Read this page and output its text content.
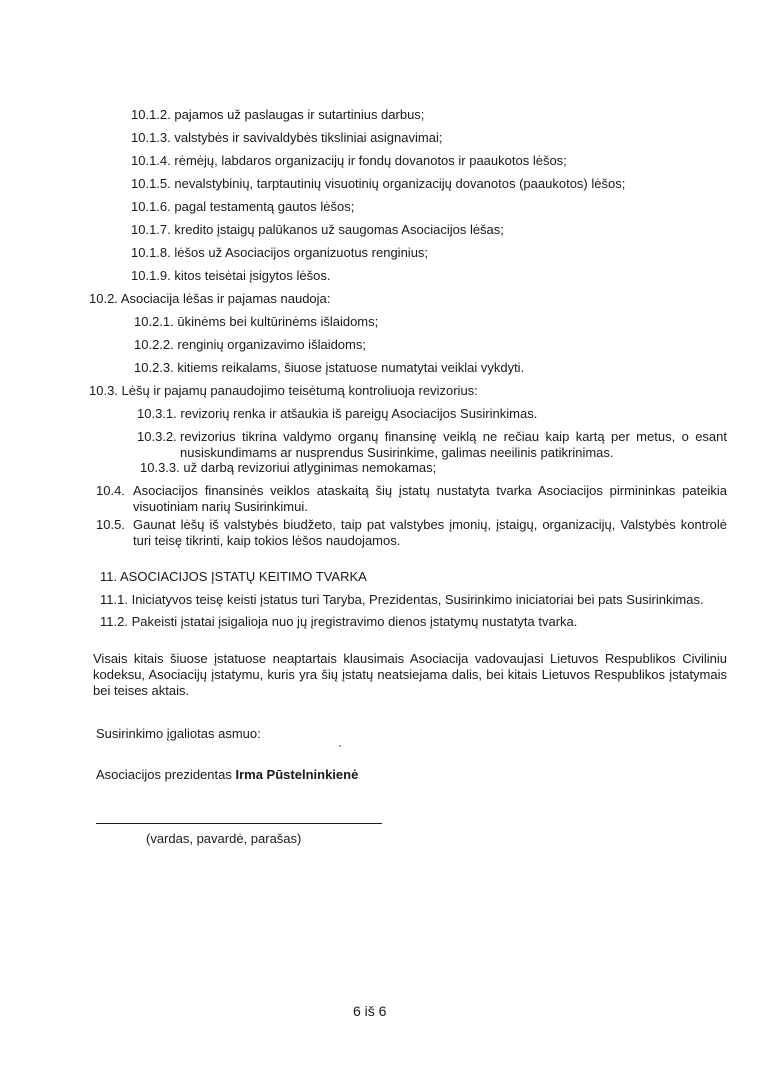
10.1.2. pajamos už paslaugas ir sutartinius darbus;
10.1.3. valstybės ir savivaldybės tiksliniai asignavimai;
10.1.4. rėmėjų, labdaros organizacijų ir fondų dovanotos ir paaukotos lėšos;
10.1.5. nevalstybinių, tarptautinių visuotinių organizacijų dovanotos (paaukotos) lėšos;
10.1.6. pagal testamentą gautos lėšos;
10.1.7. kredito įstaigų palūkanos už saugomas Asociacijos lėšas;
10.1.8. lėšos už Asociacijos organizuotus renginius;
10.1.9. kitos teisėtai įsigytos lėšos.
10.2. Asociacija lėšas ir pajamas naudoja:
10.2.1. ūkinėms bei kultūrinėms išlaidoms;
10.2.2. renginių organizavimo išlaidoms;
10.2.3. kitiems reikalams, šiuose įstatuose numatytai veiklai vykdyti.
10.3. Lėšų ir pajamų panaudojimo teisėtumą kontroliuoja revizorius:
10.3.1. revizorių renka ir atšaukia iš pareigų Asociacijos Susirinkimas.
10.3.2. revizorius tikrina valdymo organų finansinę veiklą ne rečiau kaip kartą per metus, o esant nusiskundimams ar nusprendus Susirinkime, galimas neeilinis patikrinimas.
10.3.3. už darbą revizoriui atlyginimas nemokamas;
10.4. Asociacijos finansinės veiklos ataskaitą šių įstatų nustatyta tvarka Asociacijos pirmininkas pateikia visuotiniam narių Susirinkimui.
10.5. Gaunat lėšų iš valstybės biudžeto, taip pat valstybes įmonių, įstaigų, organizacijų, Valstybės kontrolė turi teisę tikrinti, kaip tokios lėšos naudojamos.
11. ASOCIACIJOS ĮSTATŲ KEITIMO TVARKA
11.1. Iniciatyvos teisę keisti įstatus turi Taryba, Prezidentas, Susirinkimo iniciatoriai bei pats Susirinkimas.
11.2. Pakeisti įstatai įsigalioja nuo jų įregistravimo dienos įstatymų nustatyta tvarka.
Visais kitais šiuose įstatuose neaptartais klausimais Asociacija vadovaujasi Lietuvos Respublikos Civiliniu kodeksu, Asociacijų įstatymu, kuris yra šių įstatų neatsiejama dalis, bei kitais Lietuvos Respublikos įstatymais bei teises aktais.
Susirinkimo įgaliotas asmuo:
Asociacijos prezidentas Irma Pūstelninkienė
(vardas, pavardė, parašas)
6 iš 6
